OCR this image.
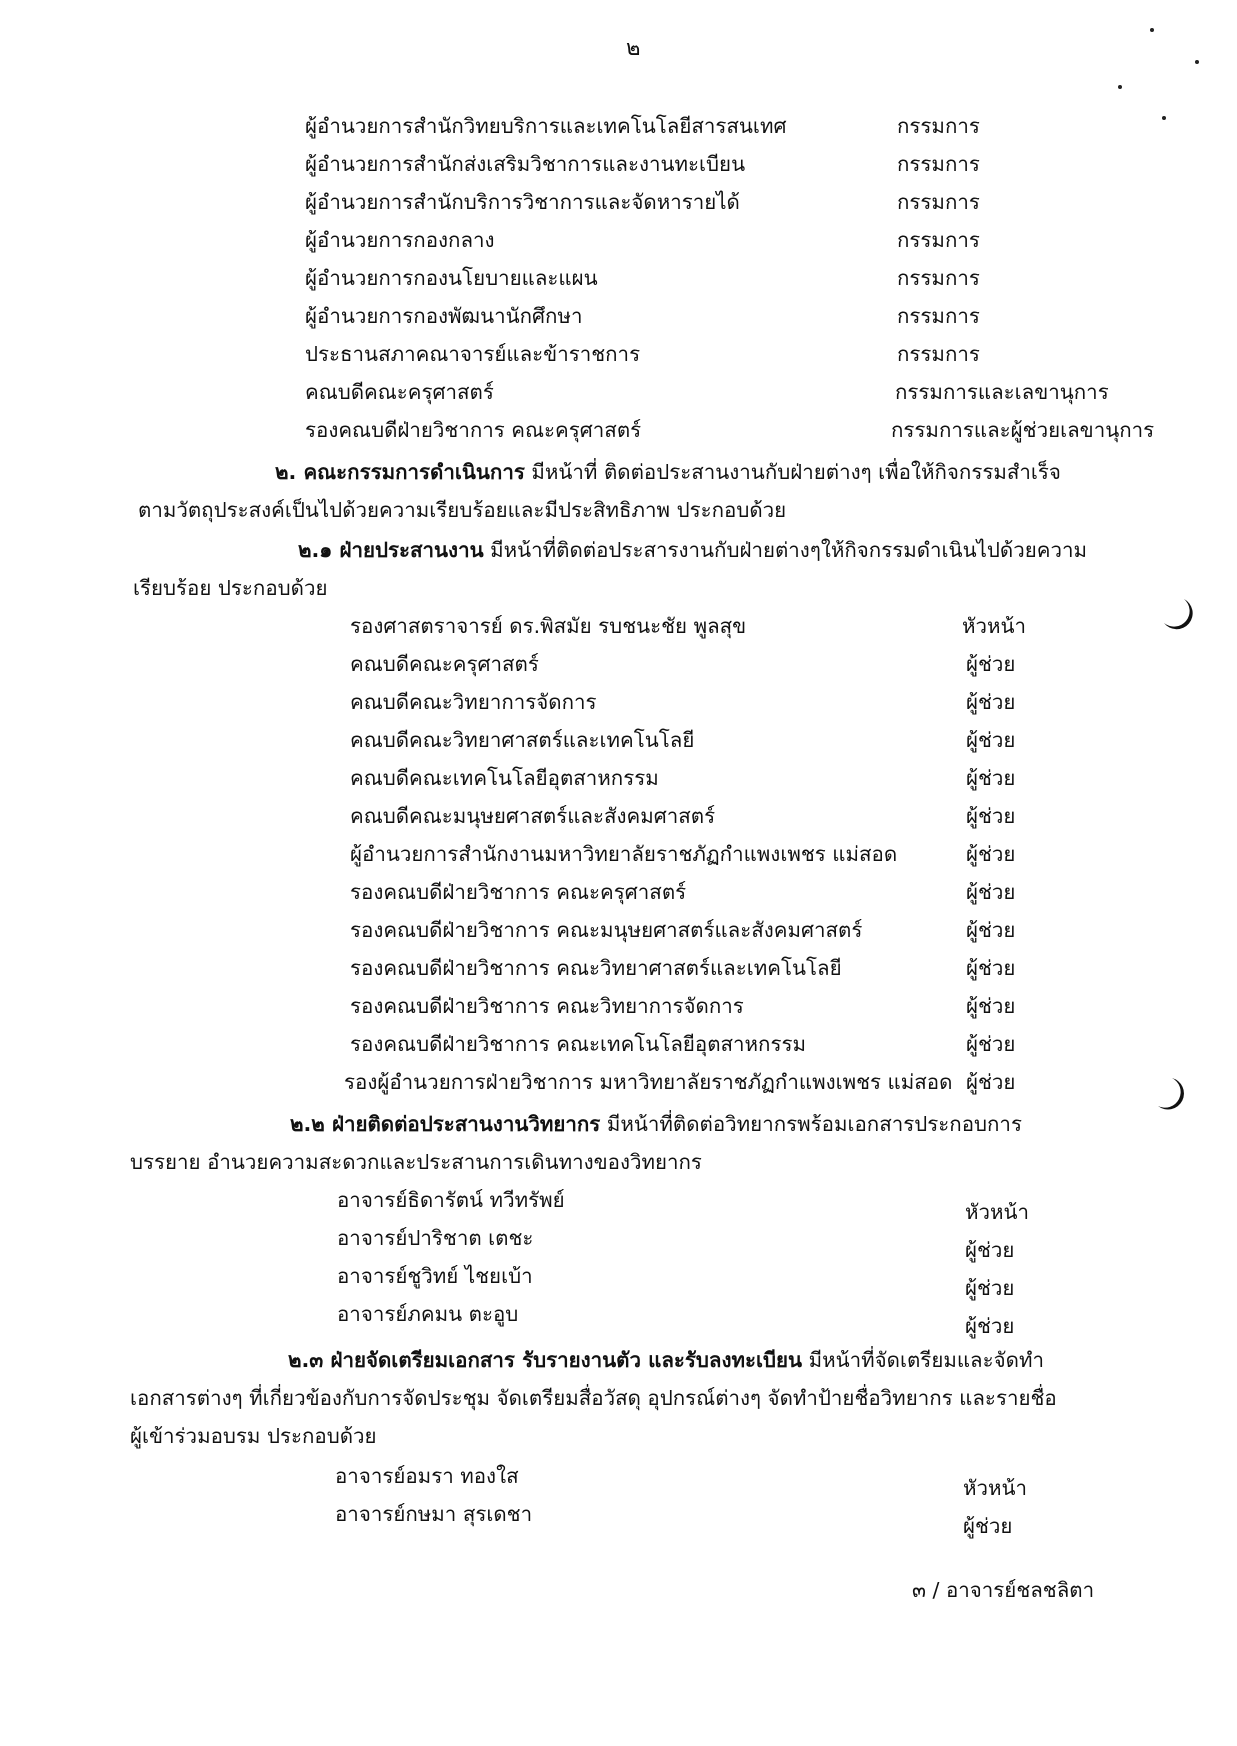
๒
ผู้อำนวยการสำนักวิทยบริการและเทคโนโลยีสารสนเทศ	กรรมการ
ผู้อำนวยการสำนักส่งเสริมวิชาการและงานทะเบียน	กรรมการ
ผู้อำนวยการสำนักบริการวิชาการและจัดหารายได้	กรรมการ
ผู้อำนวยการกองกลาง	กรรมการ
ผู้อำนวยการกองนโยบายและแผน	กรรมการ
ผู้อำนวยการกองพัฒนานักศึกษา	กรรมการ
ประธานสภาคณาจารย์และข้าราชการ	กรรมการ
คณบดีคณะครุศาสตร์	กรรมการและเลขานุการ
รองคณบดีฝ่ายวิชาการ คณะครุศาสตร์	กรรมการและผู้ช่วยเลขานุการ
๒. คณะกรรมการดำเนินการ มีหน้าที่ ติดต่อประสานงานกับฝ่ายต่างๆ เพื่อให้กิจกรรมสำเร็จ
ตามวัตถุประสงค์เป็นไปด้วยความเรียบร้อยและมีประสิทธิภาพ ประกอบด้วย
๒.๑ ฝ่ายประสานงาน มีหน้าที่ติดต่อประสารงานกับฝ่ายต่างๆให้กิจกรรมดำเนินไปด้วยความ
เรียบร้อย ประกอบด้วย
รองศาสตราจารย์ ดร.พิสมัย รบชนะชัย พูลสุข	หัวหน้า
คณบดีคณะครุศาสตร์	ผู้ช่วย
คณบดีคณะวิทยาการจัดการ	ผู้ช่วย
คณบดีคณะวิทยาศาสตร์และเทคโนโลยี	ผู้ช่วย
คณบดีคณะเทคโนโลยีอุตสาหกรรม	ผู้ช่วย
คณบดีคณะมนุษยศาสตร์และสังคมศาสตร์	ผู้ช่วย
ผู้อำนวยการสำนักงานมหาวิทยาลัยราชภัฏกำแพงเพชร แม่สอด	ผู้ช่วย
รองคณบดีฝ่ายวิชาการ คณะครุศาสตร์	ผู้ช่วย
รองคณบดีฝ่ายวิชาการ คณะมนุษยศาสตร์และสังคมศาสตร์	ผู้ช่วย
รองคณบดีฝ่ายวิชาการ คณะวิทยาศาสตร์และเทคโนโลยี	ผู้ช่วย
รองคณบดีฝ่ายวิชาการ คณะวิทยาการจัดการ	ผู้ช่วย
รองคณบดีฝ่ายวิชาการ คณะเทคโนโลยีอุตสาหกรรม	ผู้ช่วย
รองผู้อำนวยการฝ่ายวิชาการ มหาวิทยาลัยราชภัฏกำแพงเพชร แม่สอด ผู้ช่วย
๒.๒ ฝ่ายติดต่อประสานงานวิทยากร มีหน้าที่ติดต่อวิทยากรพร้อมเอกสารประกอบการ
บรรยาย อำนวยความสะดวกและประสานการเดินทางของวิทยากร
อาจารย์ธิดารัตน์ ทวีทรัพย์	หัวหน้า
อาจารย์ปาริชาต เตชะ	ผู้ช่วย
อาจารย์ชูวิทย์ ไชยเบ้า	ผู้ช่วย
อาจารย์ภคมน ตะอูบ	ผู้ช่วย
๒.๓ ฝ่ายจัดเตรียมเอกสาร รับรายงานตัว และรับลงทะเบียน มีหน้าที่จัดเตรียมและจัดทำ
เอกสารต่างๆ ที่เกี่ยวข้องกับการจัดประชุม จัดเตรียมสื่อวัสดุ อุปกรณ์ต่างๆ จัดทำป้ายชื่อวิทยากร และรายชื่อ
ผู้เข้าร่วมอบรม ประกอบด้วย
อาจารย์อมรา ทองใส	หัวหน้า
อาจารย์กษมา สุรเดชา	ผู้ช่วย
๓ / อาจารย์ชลชลิตา
